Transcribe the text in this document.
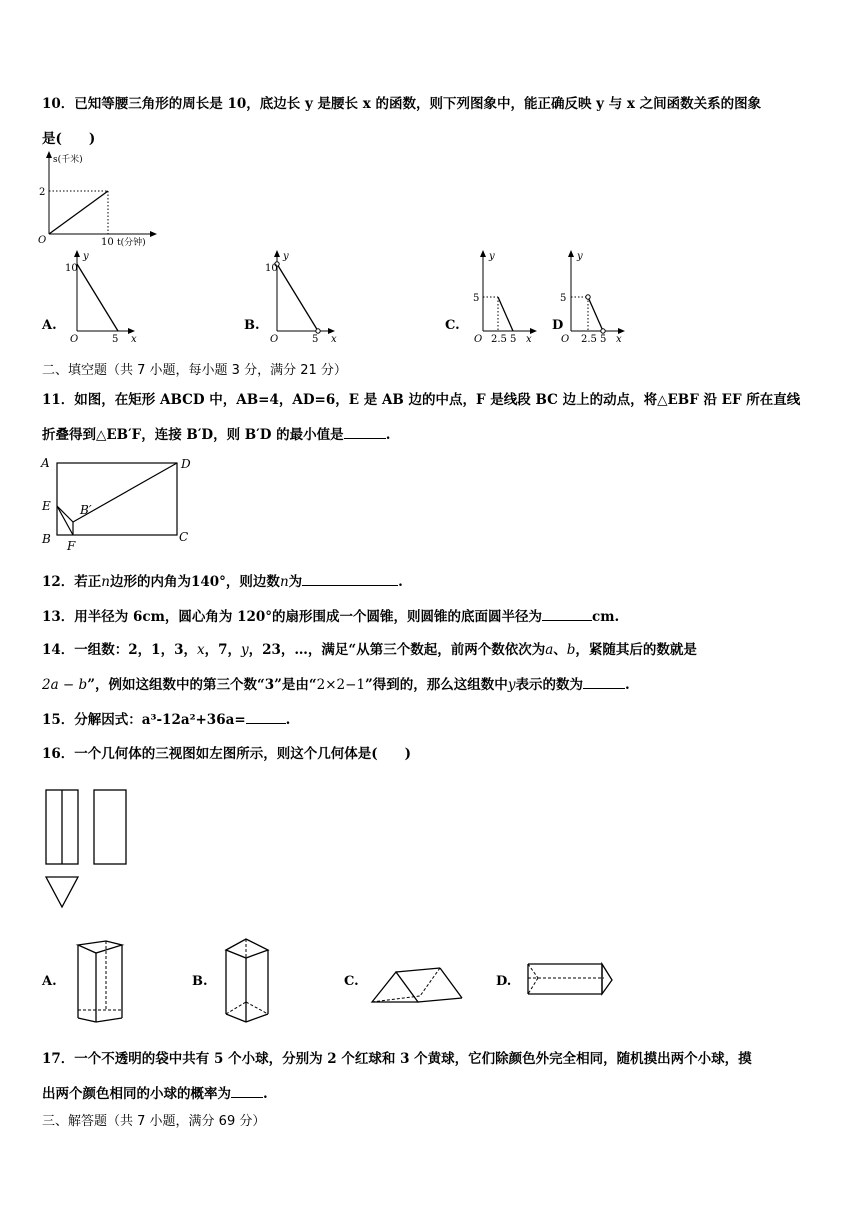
10．已知等腰三角形的周长是 10，底边长 y 是腰长 x 的函数，则下列图象中，能正确反映 y 与 x 之间函数关系的图象
是(　　)
s(千米)
2
O	10 t(分钟)
A.
y
10
O	5 x
B.
y
10
O	5 x
C.
y
5
O 2.5 5 x
D
y
5
O 2.5 5 x
二、填空题（共 7 小题，每小题 3 分，满分 21 分）
11．如图，在矩形 ABCD 中，AB=4，AD=6，E 是 AB 边的中点，F 是线段 BC 边上的动点，将△EBF 沿 EF 所在直线
折叠得到△EB′F，连接 B′D，则 B′D 的最小值是	.
A	D
E
B F
B′
C
12．若正n边形的内角为140°，则边数n为	.
13．用半径为 6cm，圆心角为 120°的扇形围成一个圆锥，则圆锥的底面圆半径为	cm.
14．一组数：2，1，3，x，7，y，23，…，满足“从第三个数起，前两个数依次为a、b，紧随其后的数就是
2a − b”，例如这组数中的第三个数“3”是由“2×2−1”得到的，那么这组数中y表示的数为	.
15．分解因式：a³-12a²+36a=	.
16．一个几何体的三视图如左图所示，则这个几何体是(　　)
A.	B.	C.	D.
17．一个不透明的袋中共有 5 个小球，分别为 2 个红球和 3 个黄球，它们除颜色外完全相同，随机摸出两个小球，摸
出两个颜色相同的小球的概率为 .
三、解答题（共 7 小题，满分 69 分）
